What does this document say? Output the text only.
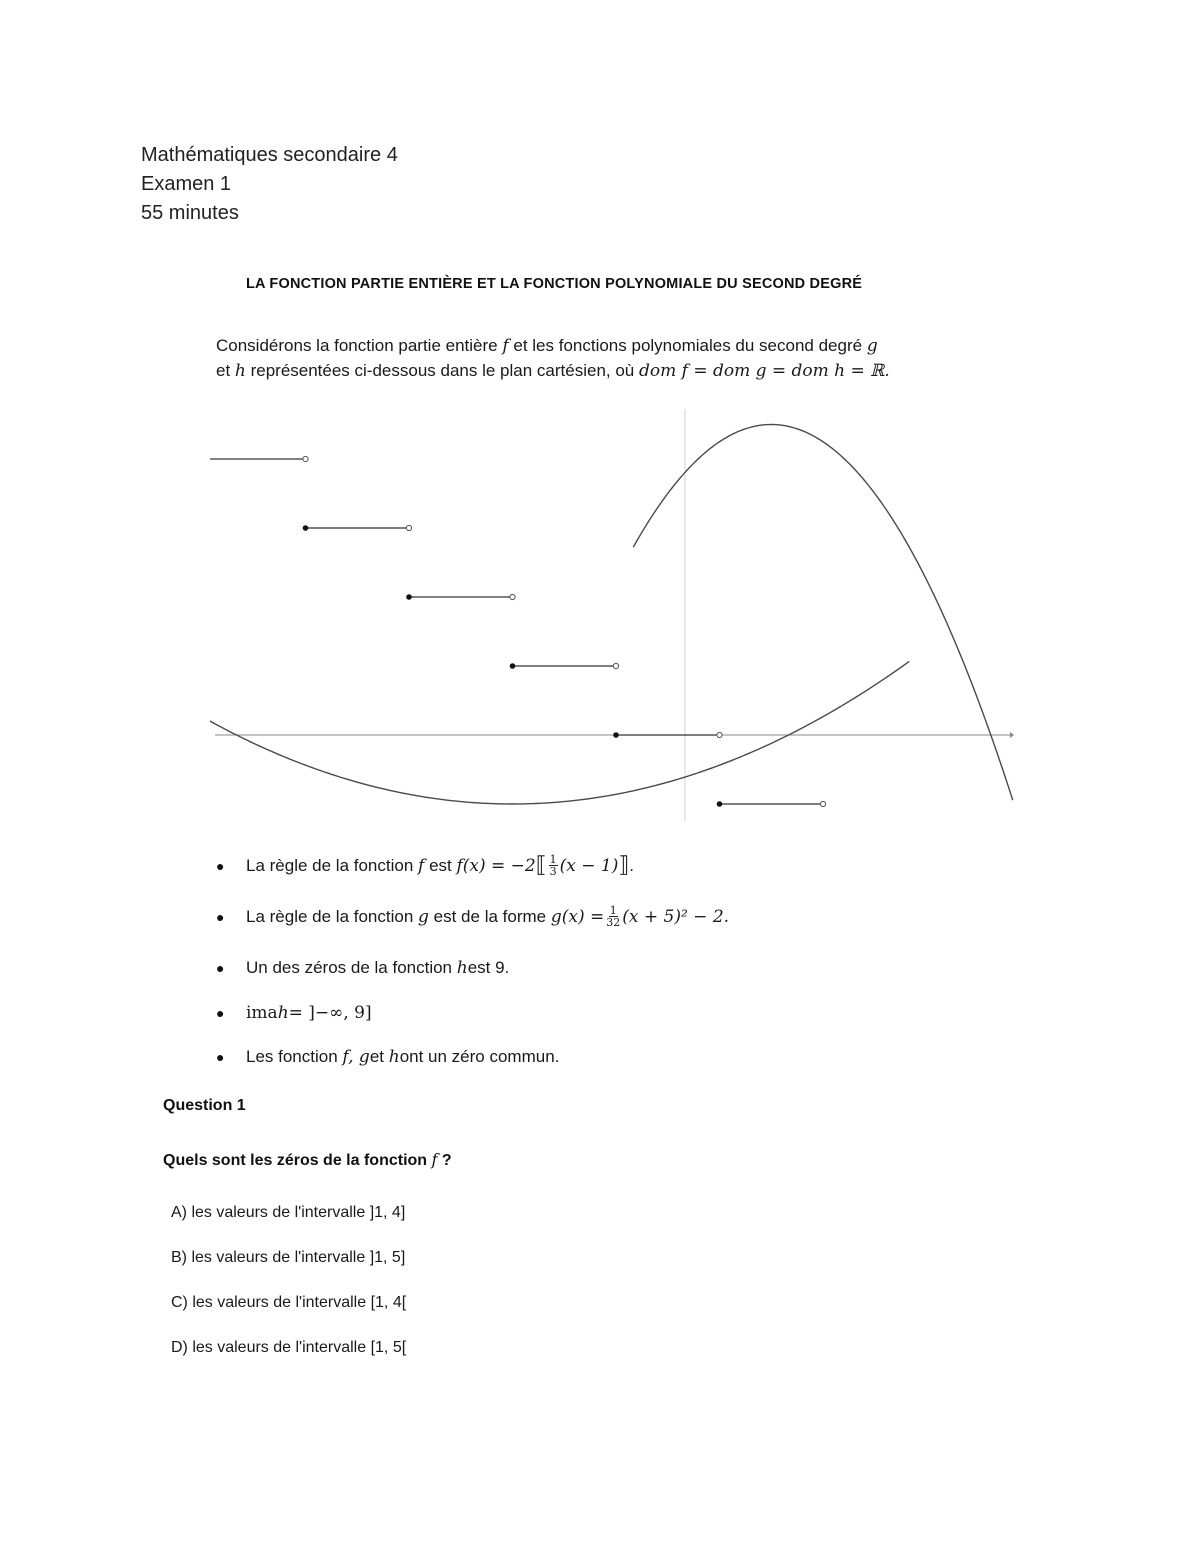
Mathématiques secondaire 4
Examen 1
55 minutes
LA FONCTION PARTIE ENTIÈRE ET LA FONCTION POLYNOMIALE DU SECOND DEGRÉ
Considérons la fonction partie entière f et les fonctions polynomiales du second degré g
et h représentées ci-dessous dans le plan cartésien, où dom f = dom g = dom h = ℝ.
●	La règle de la fonction
f
est
f(x) = −2 ⟦ $\frac{1}{3} (x - 1)$ ⟧ .
●	La règle de la fonction
g
est de la forme
$g(x) = \frac{1}{32} (x + 5)^2 - 2$.
●	Un des zéros de la fonction
h est 9.
●	ima h = ]−∞, 9]
●	Les fonction
f, g et
h ont un zéro commun.
Question 1
Quels sont les zéros de la fonction f ?
A) les valeurs de l'intervalle ]1, 4]
B) les valeurs de l'intervalle ]1, 5]
C) les valeurs de l'intervalle [1, 4[
D) les valeurs de l'intervalle [1, 5[
